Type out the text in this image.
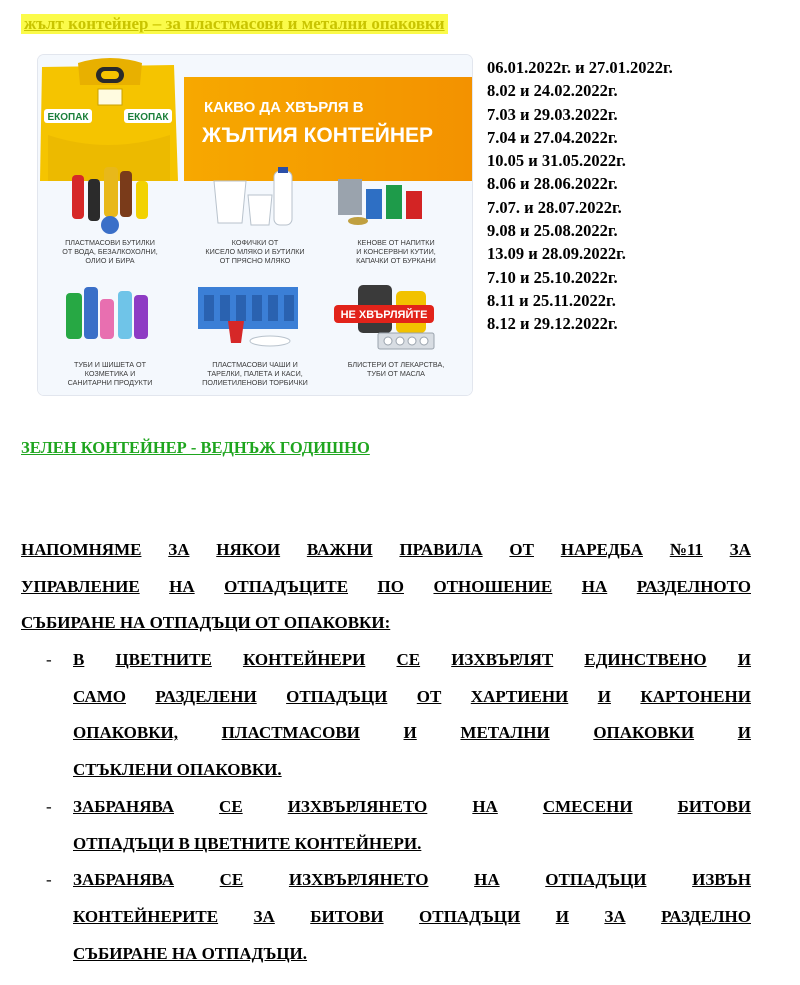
жълт контейнер – за пластмасови и метални опаковки
ЕКОПАК	ЕКОПАК
КАКВО ДА ХВЪРЛЯ В
ЖЪЛТИЯ КОНТЕЙНЕР
ПЛАСТМАСОВИ БУТИЛКИ
ОТ ВОДА, БЕЗАЛКОХОЛНИ,
ОЛИО И БИРА
КОФИЧКИ ОТ
КИСЕЛО МЛЯКО И БУТИЛКИ
ОТ ПРЯСНО МЛЯКО
КЕНОВЕ ОТ НАПИТКИ
И КОНСЕРВНИ КУТИИ,
КАПАЧКИ ОТ БУРКАНИ
НЕ ХВЪРЛЯЙТЕ
ТУБИ И ШИШЕТА ОТ
КОЗМЕТИКА И
САНИТАРНИ ПРОДУКТИ
ПЛАСТМАСОВИ ЧАШИ И
ТАРЕЛКИ, ПАЛЕТА И КАСИ,
ПОЛИЕТИЛЕНОВИ ТОРБИЧКИ
БЛИСТЕРИ ОТ ЛЕКАРСТВА,
ТУБИ ОТ МАСЛА
06.01.2022г. и 27.01.2022г.
8.02 и 24.02.2022г.
7.03 и 29.03.2022г.
7.04 и 27.04.2022г.
10.05 и 31.05.2022г.
8.06 и 28.06.2022г.
7.07. и 28.07.2022г.
9.08 и 25.08.2022г.
13.09 и 28.09.2022г.
7.10 и 25.10.2022г.
8.11 и 25.11.2022г.
8.12 и 29.12.2022г.
ЗЕЛЕН КОНТЕЙНЕР - ВЕДНЪЖ ГОДИШНО
НАПОМНЯМЕ ЗА НЯКОИ ВАЖНИ ПРАВИЛА ОТ НАРЕДБА №11 ЗА
УПРАВЛЕНИЕ НА ОТПАДЪЦИТЕ ПО ОТНОШЕНИЕ НА РАЗДЕЛНОТО
СЪБИРАНЕ НА ОТПАДЪЦИ ОТ ОПАКОВКИ:
- В ЦВЕТНИТЕ КОНТЕЙНЕРИ СЕ ИЗХВЪРЛЯТ ЕДИНСТВЕНО И
САМО РАЗДЕЛЕНИ ОТПАДЪЦИ ОТ ХАРТИЕНИ И КАРТОНЕНИ
ОПАКОВКИ,	ПЛАСТМАСОВИ	И	МЕТАЛНИ	ОПАКОВКИ	И
СТЪКЛЕНИ ОПАКОВКИ.
- ЗАБРАНЯВА	СЕ	ИЗХВЪРЛЯНЕТО	НА	СМЕСЕНИ	БИТОВИ
ОТПАДЪЦИ В ЦВЕТНИТЕ КОНТЕЙНЕРИ.
- ЗАБРАНЯВА	СЕ	ИЗХВЪРЛЯНЕТО	НА	ОТПАДЪЦИ	ИЗВЪН
КОНТЕЙНЕРИТЕ ЗА БИТОВИ ОТПАДЪЦИ И ЗА РАЗДЕЛНО
СЪБИРАНЕ НА ОТПАДЪЦИ.
